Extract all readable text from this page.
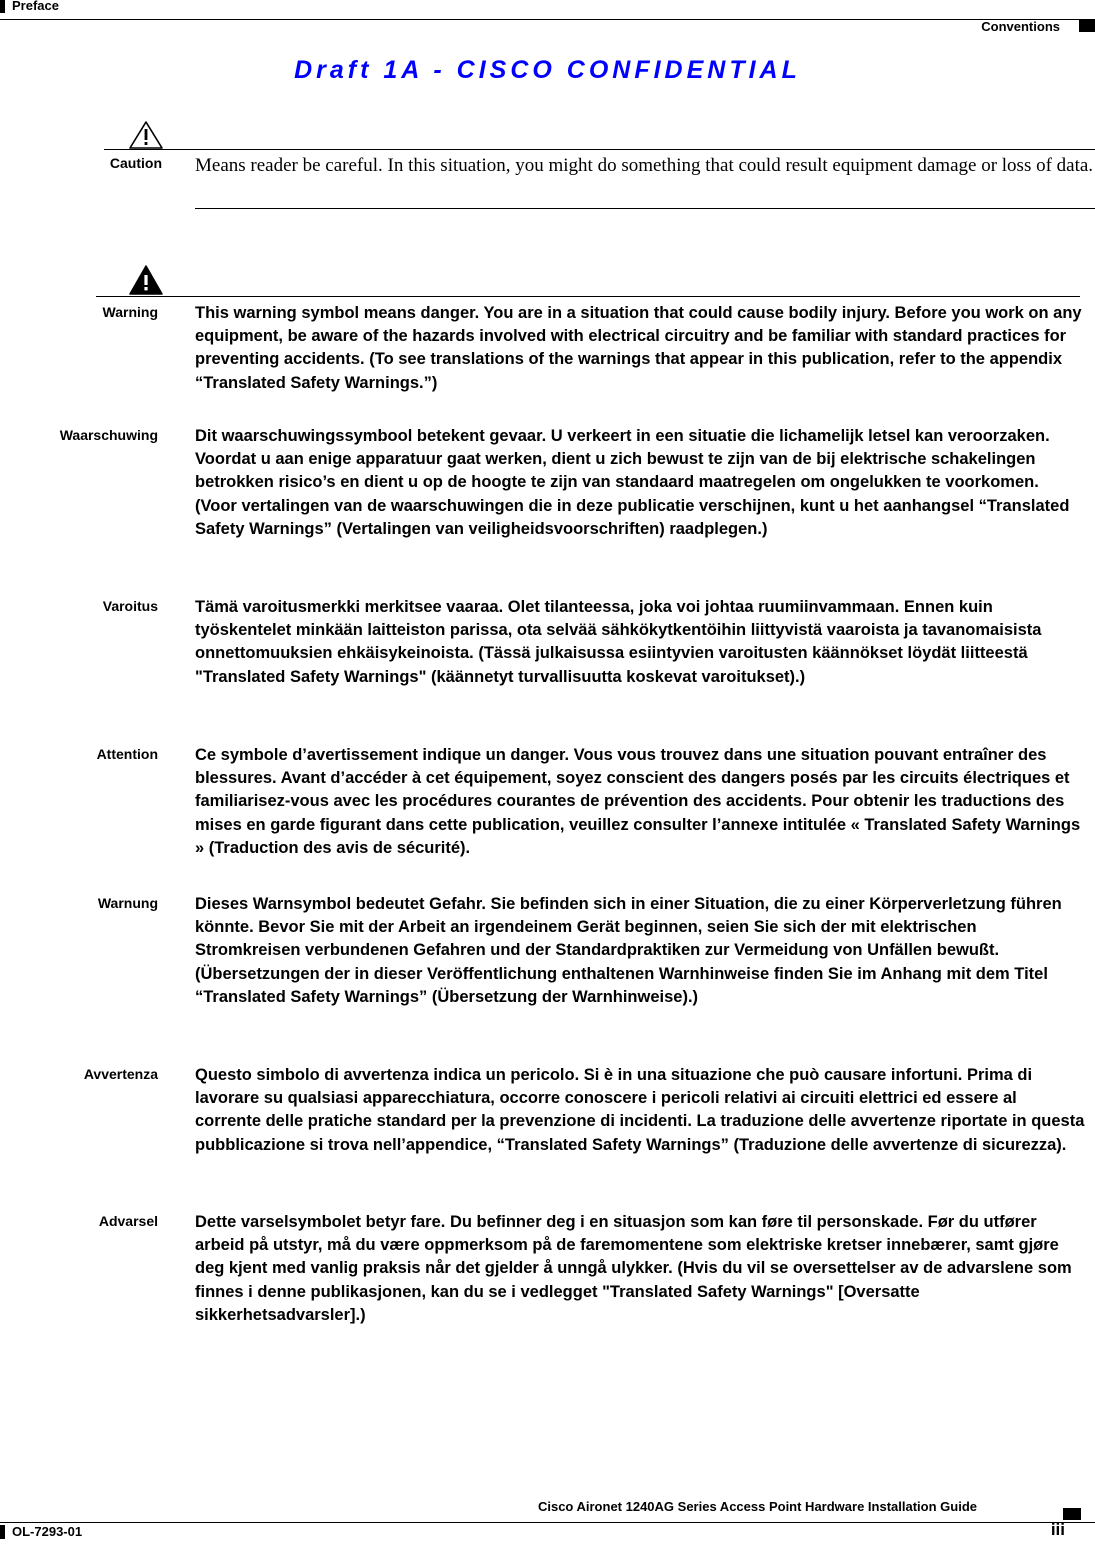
Preface
Conventions
Draft 1A - CISCO CONFIDENTIAL
Caution Means reader be careful. In this situation, you might do something that could result equipment damage or loss of data.
Warning This warning symbol means danger. You are in a situation that could cause bodily injury. Before you work on any equipment, be aware of the hazards involved with electrical circuitry and be familiar with standard practices for preventing accidents. (To see translations of the warnings that appear in this publication, refer to the appendix “Translated Safety Warnings.”)
Waarschuwing Dit waarschuwingssymbool betekent gevaar. U verkeert in een situatie die lichamelijk letsel kan veroorzaken. Voordat u aan enige apparatuur gaat werken, dient u zich bewust te zijn van de bij elektrische schakelingen betrokken risico’s en dient u op de hoogte te zijn van standaard maatregelen om ongelukken te voorkomen. (Voor vertalingen van de waarschuwingen die in deze publicatie verschijnen, kunt u het aanhangsel “Translated Safety Warnings” (Vertalingen van veiligheidsvoorschriften) raadplegen.)
Varoitus Tämä varoitusmerkki merkitsee vaaraa. Olet tilanteessa, joka voi johtaa ruumiinvammaan. Ennen kuin työskentelet minkään laitteiston parissa, ota selvää sähkökytkentöihin liittyvistä vaaroista ja tavanomaisista onnettomuuksien ehkäisykeinoista. (Tässä julkaisussa esiintyvien varoitusten käännökset löydät liitteestä "Translated Safety Warnings" (käännetyt turvallisuutta koskevat varoitukset).)
Attention Ce symbole d’avertissement indique un danger. Vous vous trouvez dans une situation pouvant entraîner des blessures. Avant d’accéder à cet équipement, soyez conscient des dangers posés par les circuits électriques et familiarisez-vous avec les procédures courantes de prévention des accidents. Pour obtenir les traductions des mises en garde figurant dans cette publication, veuillez consulter l’annexe intitulée « Translated Safety Warnings » (Traduction des avis de sécurité).
Warnung Dieses Warnsymbol bedeutet Gefahr. Sie befinden sich in einer Situation, die zu einer Körperverletzung führen könnte. Bevor Sie mit der Arbeit an irgendeinem Gerät beginnen, seien Sie sich der mit elektrischen Stromkreisen verbundenen Gefahren und der Standardpraktiken zur Vermeidung von Unfällen bewußt. (Übersetzungen der in dieser Veröffentlichung enthaltenen Warnhinweise finden Sie im Anhang mit dem Titel “Translated Safety Warnings” (Übersetzung der Warnhinweise).)
Avvertenza Questo simbolo di avvertenza indica un pericolo. Si è in una situazione che può causare infortuni. Prima di lavorare su qualsiasi apparecchiatura, occorre conoscere i pericoli relativi ai circuiti elettrici ed essere al corrente delle pratiche standard per la prevenzione di incidenti. La traduzione delle avvertenze riportate in questa pubblicazione si trova nell’appendice, “Translated Safety Warnings” (Traduzione delle avvertenze di sicurezza).
Advarsel Dette varselsymbolet betyr fare. Du befinner deg i en situasjon som kan føre til personskade. Før du utfører arbeid på utstyr, må du være oppmerksom på de faremomentene som elektriske kretser innebærer, samt gjøre deg kjent med vanlig praksis når det gjelder å unngå ulykker. (Hvis du vil se oversettelser av de advarslene som finnes i denne publikasjonen, kan du se i vedlegget "Translated Safety Warnings" [Oversatte sikkerhetsadvarsler].)
Cisco Aironet 1240AG Series Access Point Hardware Installation Guide
OL-7293-01	iii
